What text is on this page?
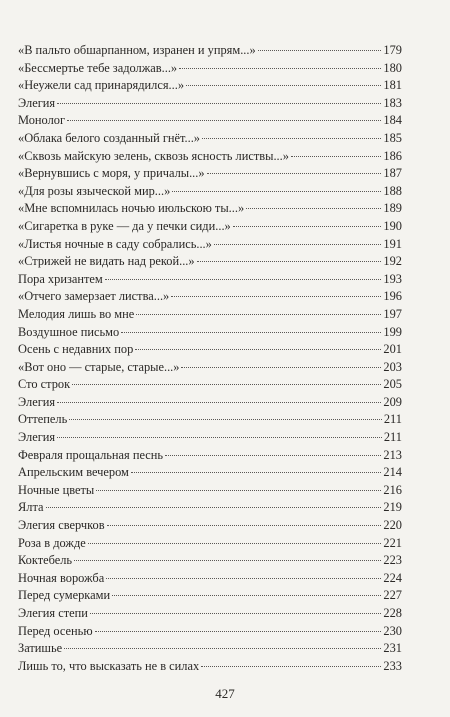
«В пальто обшарпанном, изранен и упрям...»	179
«Бессмертье тебе задолжав...»	180
«Неужели сад принарядился...»	181
Элегия	183
Монолог	184
«Облака белого созданный гнёт...»	185
«Сквозь майскую зелень, сквозь ясность листвы...»	186
«Вернувшись с моря, у причалы...»	187
«Для розы языческой мир...»	188
«Мне вспомнилась ночью июльскою ты...»	189
«Сигаретка в руке — да у печки сиди...»	190
«Листья ночные в саду собрались...»	191
«Стрижей не видать над рекой...»	192
Пора хризантем	193
«Отчего замерзает листва...»	196
Мелодия лишь во мне	197
Воздушное письмо	199
Осень с недавних пор	201
«Вот оно — старые, старые...»	203
Сто строк	205
Элегия	209
Оттепель	211
Элегия	211
Февраля прощальная песнь	213
Апрельским вечером	214
Ночные цветы	216
Ялта	219
Элегия сверчков	220
Роза в дожде	221
Коктебель	223
Ночная ворожба	224
Перед сумерками	227
Элегия степи	228
Перед осенью	230
Затишье	231
Лишь то, что высказать не в силах	233
427
